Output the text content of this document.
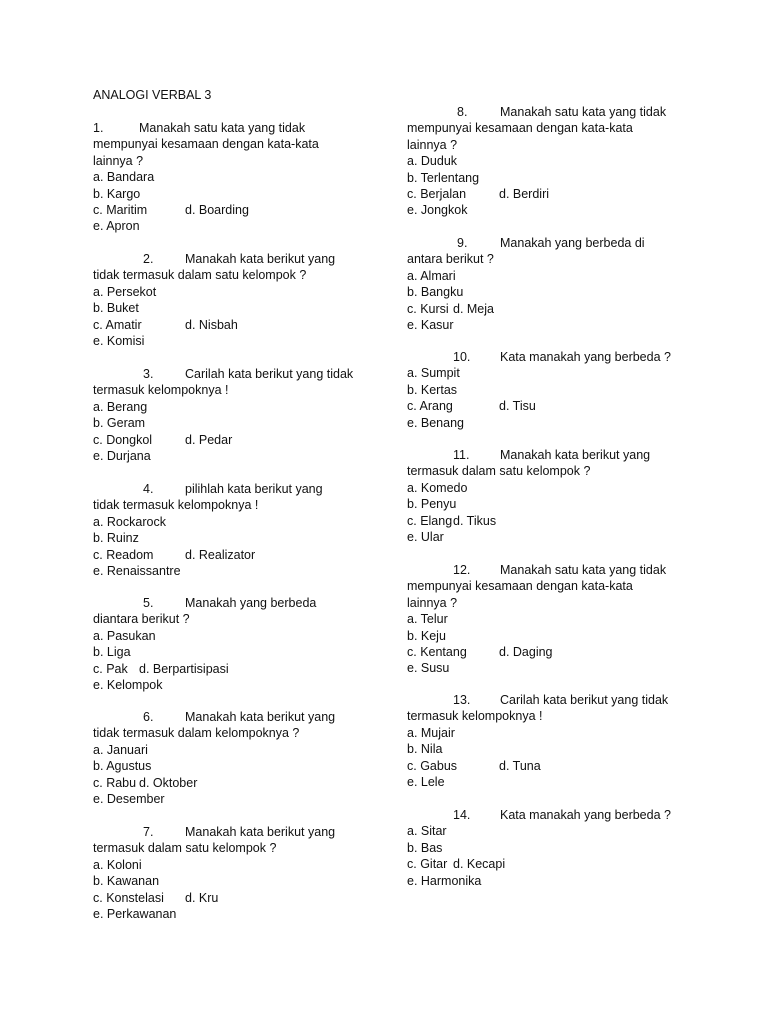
ANALOGI VERBAL 3
1.	Manakah satu kata yang tidak
mempunyai kesamaan dengan kata-kata
lainnya ?
a. Bandara
b. Kargo
c. Maritim	d. Boarding
e. Apron
2.	Manakah kata berikut yang
tidak termasuk dalam satu kelompok ?
a. Persekot
b. Buket
c. Amatir	d. Nisbah
e. Komisi
3.	Carilah kata berikut yang tidak
termasuk kelompoknya !
a. Berang
b. Geram
c. Dongkol	d. Pedar
e. Durjana
4.	pilihlah kata berikut yang
tidak termasuk kelompoknya !
a. Rockarock
b. Ruinz
c. Readom	d. Realizator
e. Renaissantre
5.	Manakah yang berbeda
diantara berikut ?
a. Pasukan
b. Liga
c. Pak d. Berpartisipasi
e. Kelompok
6.	Manakah kata berikut yang
tidak termasuk dalam kelompoknya ?
a. Januari
b. Agustus
c. Rabu d. Oktober
e. Desember
7.	Manakah kata berikut yang
termasuk dalam satu kelompok ?
a. Koloni
b. Kawanan
c. Konstelasi d. Kru
e. Perkawanan
8.	Manakah satu kata yang tidak
mempunyai kesamaan dengan kata-kata
lainnya ?
a. Duduk
b. Terlentang
c. Berjalan	d. Berdiri
e. Jongkok
9.	Manakah yang berbeda di
antara berikut ?
a. Almari
b. Bangku
c. Kursi d. Meja
e. Kasur
10. Kata manakah yang berbeda ?
a. Sumpit
b. Kertas
c. Arang	d. Tisu
e. Benang
11. Manakah kata berikut yang
termasuk dalam satu kelompok ?
a. Komedo
b. Penyu
c. Elang d. Tikus
e. Ular
12. Manakah satu kata yang tidak
mempunyai kesamaan dengan kata-kata
lainnya ?
a. Telur
b. Keju
c. Kentang	d. Daging
e. Susu
13. Carilah kata berikut yang tidak
termasuk kelompoknya !
a. Mujair
b. Nila
c. Gabus	d. Tuna
e. Lele
14. Kata manakah yang berbeda ?
a. Sitar
b. Bas
c. Gitar d. Kecapi
e. Harmonika
